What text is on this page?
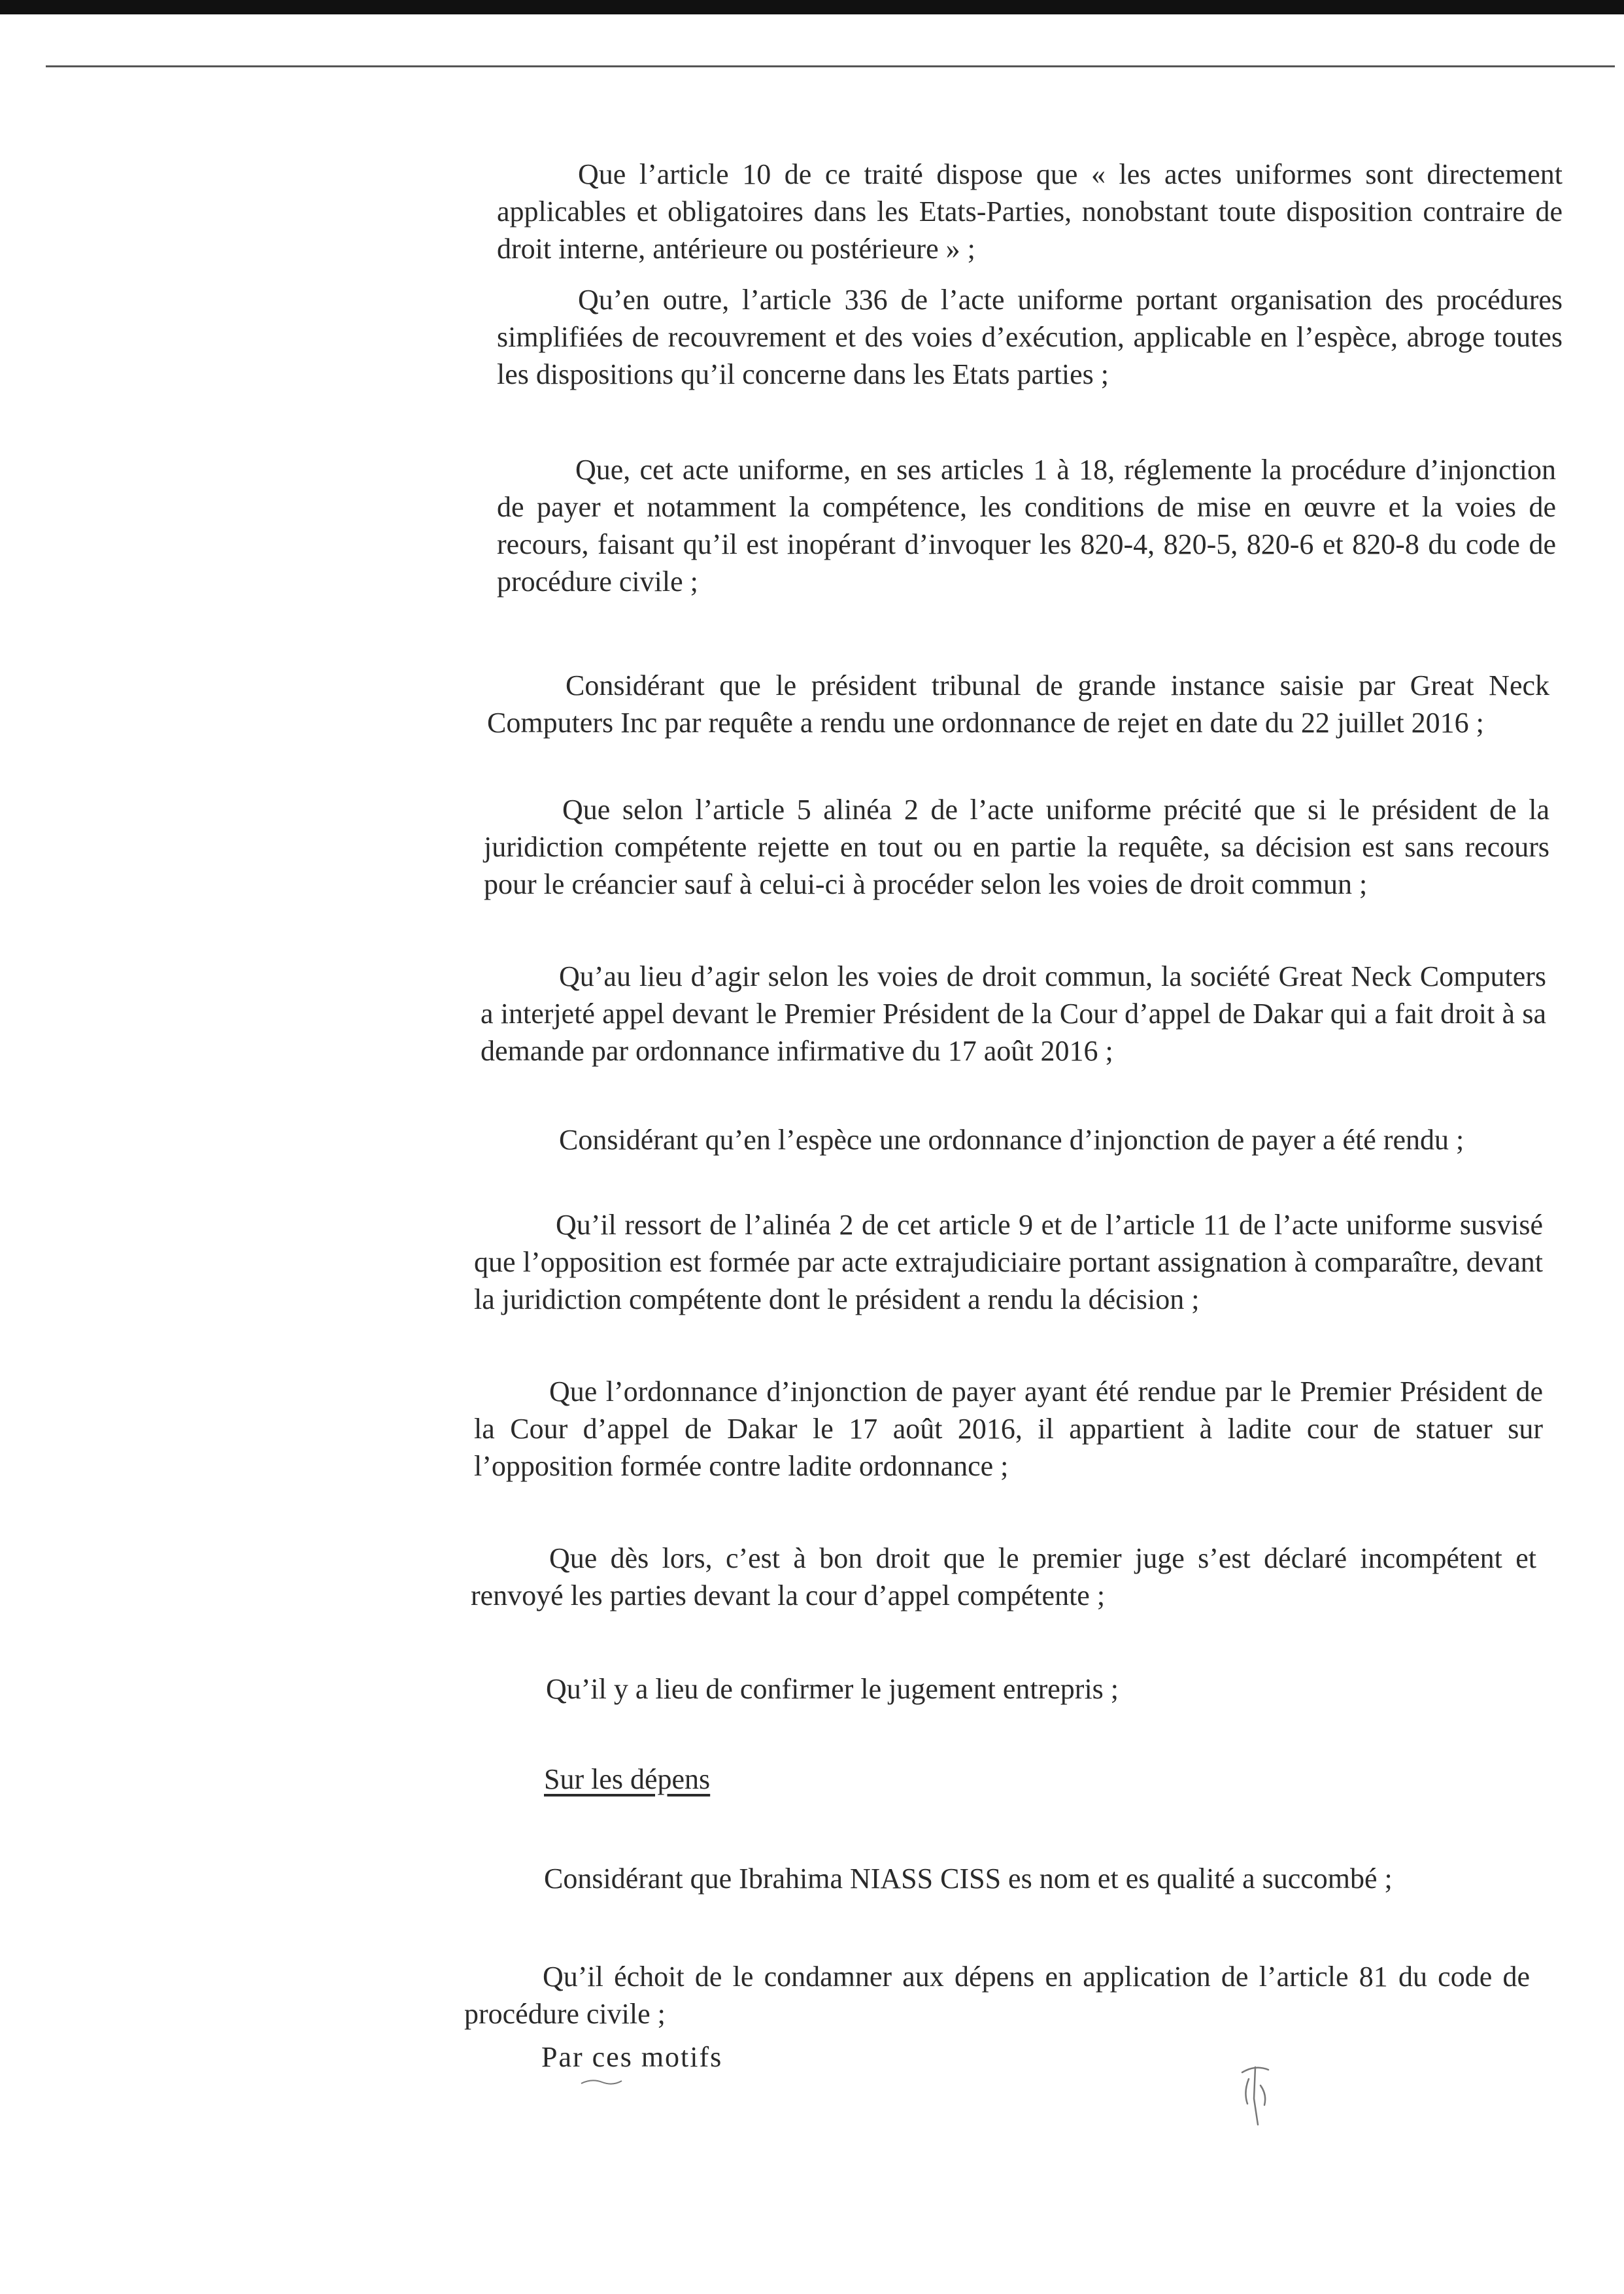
Que l’article 10 de ce traité dispose que « les actes uniformes sont directement applicables et obligatoires dans les Etats-Parties, nonobstant toute disposition contraire de droit interne, antérieure ou postérieure » ;

Qu’en outre, l’article 336 de l’acte uniforme portant organisation des procédures simplifiées de recouvrement et des voies d’exécution, applicable en l’espèce, abroge toutes les dispositions qu’il concerne dans les Etats parties ;

Que, cet acte uniforme, en ses articles 1 à 18, réglemente la procédure d’injonction de payer et notamment la compétence, les conditions de mise en œuvre et la voies de recours, faisant qu’il est inopérant d’invoquer les 820-4, 820-5, 820-6 et 820-8 du code de procédure civile ;

Considérant que le président tribunal de grande instance saisie par Great Neck Computers Inc par requête a rendu une ordonnance de rejet en date du 22 juillet 2016 ;

Que selon l’article 5 alinéa 2 de l’acte uniforme précité que si le président de la juridiction compétente rejette en tout ou en partie la requête, sa décision est sans recours pour le créancier sauf à celui-ci à procéder selon les voies de droit commun ;

Qu’au lieu d’agir selon les voies de droit commun, la société Great Neck Computers a interjeté appel devant le Premier Président de la Cour d’appel de Dakar qui a fait droit à sa demande par ordonnance infirmative du 17 août 2016 ;

Considérant qu’en l’espèce une ordonnance d’injonction de payer a été rendu ;

Qu’il ressort de l’alinéa 2 de cet article 9 et de l’article 11 de l’acte uniforme susvisé que l’opposition est formée par acte extrajudiciaire portant assignation à comparaître, devant la juridiction compétente dont le président a rendu la décision ;

Que l’ordonnance d’injonction de payer ayant été rendue par le Premier Président de la Cour d’appel de Dakar le 17 août 2016, il appartient à ladite cour de statuer sur l’opposition formée contre ladite ordonnance ;

Que dès lors, c’est à bon droit que le premier juge s’est déclaré incompétent et renvoyé les parties devant la cour d’appel compétente ;

Qu’il y a lieu de confirmer le jugement entrepris ;

Sur les dépens

Considérant que Ibrahima NIASS CISS es nom et es qualité a succombé ;

Qu’il échoit de le condamner aux dépens en application de l’article 81 du code de procédure civile ;

Par ces motifs
